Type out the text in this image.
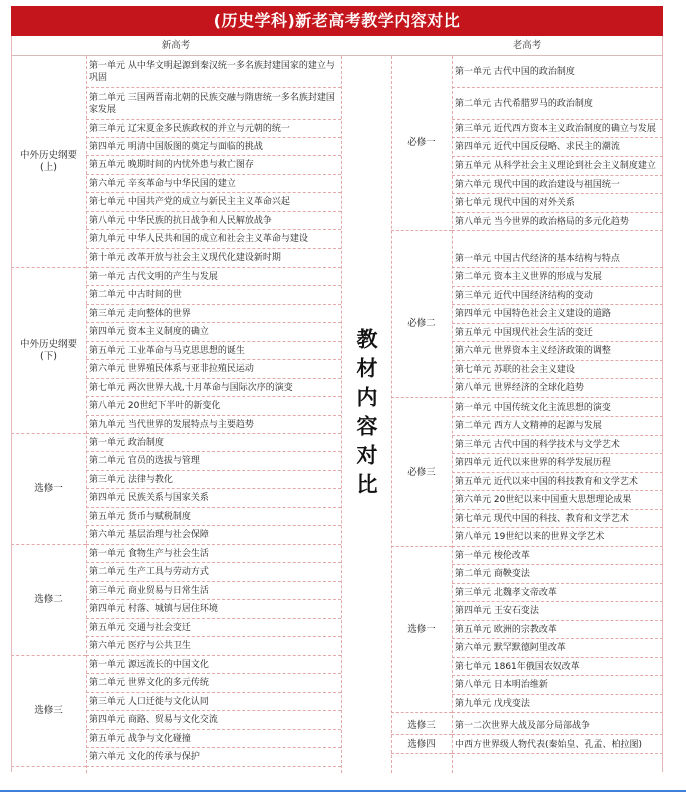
(历史学科)新老高考教学内容对比
新高考	老高考
中外历史纲要(上)
中外历史纲要(下)
选修一
选修二
选修三
第一单元 从中华文明起源到秦汉统一多名族封建国家的建立与巩固
第二单元 三国两晋南北朝的民族交融与隋唐统一多名族封建国家发展
第三单元 辽宋夏金多民族政权的并立与元朝的统一
第四单元 明清中国版图的奠定与面临的挑战
第五单元 晚期时间的内忧外患与救亡图存
第六单元 辛亥革命与中华民国的建立
第七单元 中国共产党的成立与新民主主义革命兴起
第八单元 中华民族的抗日战争和人民解放战争
第九单元 中华人民共和国的成立和社会主义革命与建设
第十单元 改革开放与社会主义现代化建设新时期
第一单元 古代文明的产生与发展
第二单元 中古时间的世
第三单元 走向整体的世界
第四单元 资本主义制度的确立
第五单元 工业革命与马克思思想的诞生
第六单元 世界殖民体系与亚非拉殖民运动
第七单元 两次世界大战,十月革命与国际次序的演变
第八单元 20世纪下半叶的新变化
第九单元 当代世界的发展特点与主要趋势
第一单元 政治制度
第二单元 官员的选拔与管理
第三单元 法律与教化
第四单元 民族关系与国家关系
第五单元 货币与赋税制度
第六单元 基层治理与社会保障
第一单元 食物生产与社会生活
第二单元 生产工具与劳动方式
第三单元 商业贸易与日常生活
第四单元 村落、城镇与居住环境
第五单元 交通与社会变迁
第六单元 医疗与公共卫生
第一单元 源远流长的中国文化
第二单元 世界文化的多元传统
第三单元 人口迁徙与文化认同
第四单元 商路、贸易与文化交流
第五单元 战争与文化碰撞
第六单元 文化的传承与保护
教材内容对比
必修一
必修二
必修三
选修一
选修三
选修四
第一单元 古代中国的政治制度
第二单元 古代希腊罗马的政治制度
第三单元 近代西方资本主义政治制度的确立与发展
第四单元 近代中国反侵略、求民主的潮流
第五单元 从科学社会主义理论到社会主义制度建立
第六单元 现代中国的政治建设与祖国统一
第七单元 现代中国的对外关系
第八单元 当今世界的政治格局的多元化趋势
第一单元 中国古代经济的基本结构与特点
第二单元 资本主义世界的形成与发展
第三单元 近代中国经济结构的变动
第四单元 中国特色社会主义建设的道路
第五单元 中国现代社会生活的变迁
第六单元 世界资本主义经济政策的调整
第七单元 苏联的社会主义建设
第八单元 世界经济的全球化趋势
第一单元 中国传统文化主流思想的演变
第二单元 西方人文精神的起源与发展
第三单元 古代中国的科学技术与文学艺术
第四单元 近代以来世界的科学发展历程
第五单元 近代以来中国的科技教育和文学艺术
第六单元 20世纪以来中国重大思想理论成果
第七单元 现代中国的科技、教育和文学艺术
第八单元 19世纪以来的世界文学艺术
第一单元 梭伦改革
第二单元 商鞅变法
第三单元 北魏孝文帝改革
第四单元 王安石变法
第五单元 欧洲的宗教改革
第六单元 默罕默德阿里改革
第七单元 1861年俄国农奴改革
第八单元 日本明治维新
第九单元 戊戌变法
第一二次世界大战及部分局部战争
中西方世界级人物代表(秦始皇、孔孟、柏拉图)
